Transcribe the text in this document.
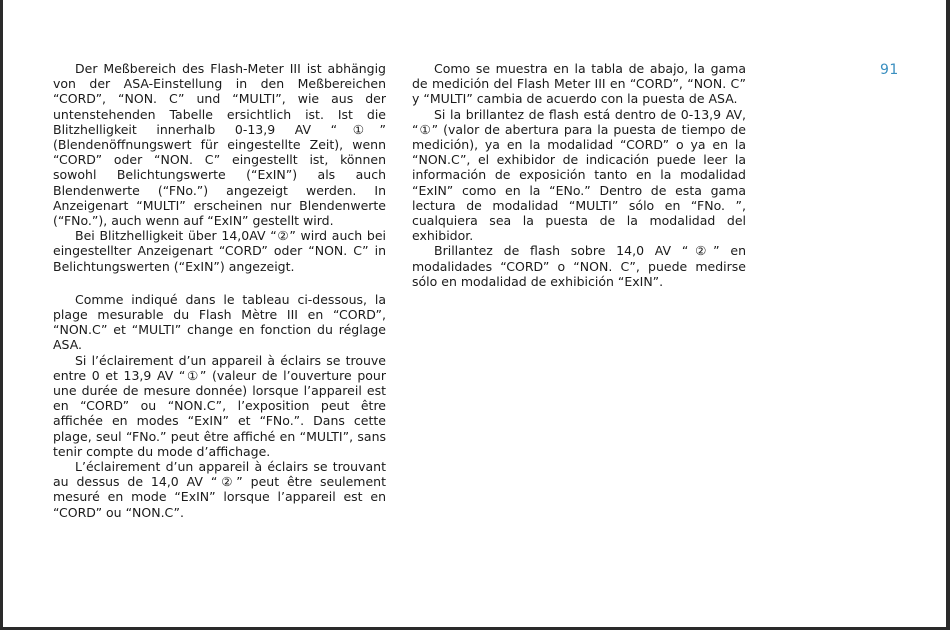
91

Der Meßbereich des Flash-Meter III ist abhängig von der ASA-Einstellung in den Meßbereichen “CORD”, “NON. C” und “MULTI”, wie aus der untenstehenden Tabelle ersichtlich ist. Ist die Blitzhelligkeit innerhalb 0-13,9 AV “①” (Blendenöffnungswert für eingestellte Zeit), wenn “CORD” oder “NON. C” eingestellt ist, können sowohl Belichtungswerte (“ExIN”) als auch Blendenwerte (“FNo.”) angezeigt werden. In Anzeigenart “MULTI” erscheinen nur Blendenwerte (“FNo.”), auch wenn auf “ExIN” gestellt wird.

Bei Blitzhelligkeit über 14,0AV “②” wird auch bei eingestellter Anzeigenart “CORD” oder “NON. C” in Belichtungswerten (“ExIN”) angezeigt.

Comme indiqué dans le tableau ci-dessous, la plage mesurable du Flash Mètre III en “CORD”, “NON.C” et “MULTI” change en fonction du réglage ASA.

Si l’éclairement d’un appareil à éclairs se trouve entre 0 et 13,9 AV “①” (valeur de l’ouverture pour une durée de mesure donnée) lorsque l’appareil est en “CORD” ou “NON.C”, l’exposition peut être affichée en modes “ExIN” et “FNo.”. Dans cette plage, seul “FNo.” peut être affiché en “MULTI”, sans tenir compte du mode d’affichage.

L’éclairement d’un appareil à éclairs se trouvant au dessus de 14,0 AV “②” peut être seulement mesuré en mode “ExIN” lorsque l’appareil est en “CORD” ou “NON.C”.

Como se muestra en la tabla de abajo, la gama de medición del Flash Meter III en “CORD”, “NON. C” y “MULTI” cambia de acuerdo con la puesta de ASA.

Si la brillantez de flash está dentro de 0-13,9 AV, “①” (valor de abertura para la puesta de tiempo de medición), ya en la modalidad “CORD” o ya en la “NON.C”, el exhibidor de indicación puede leer la información de exposición tanto en la modalidad “ExIN” como en la “ENo.” Dentro de esta gama lectura de modalidad “MULTI” sólo en “FNo. ”, cualquiera sea la puesta de la modalidad del exhibidor.

Brillantez de flash sobre 14,0 AV “②” en modalidades “CORD” o “NON. C”, puede medirse sólo en modalidad de exhibición “ExIN”.
